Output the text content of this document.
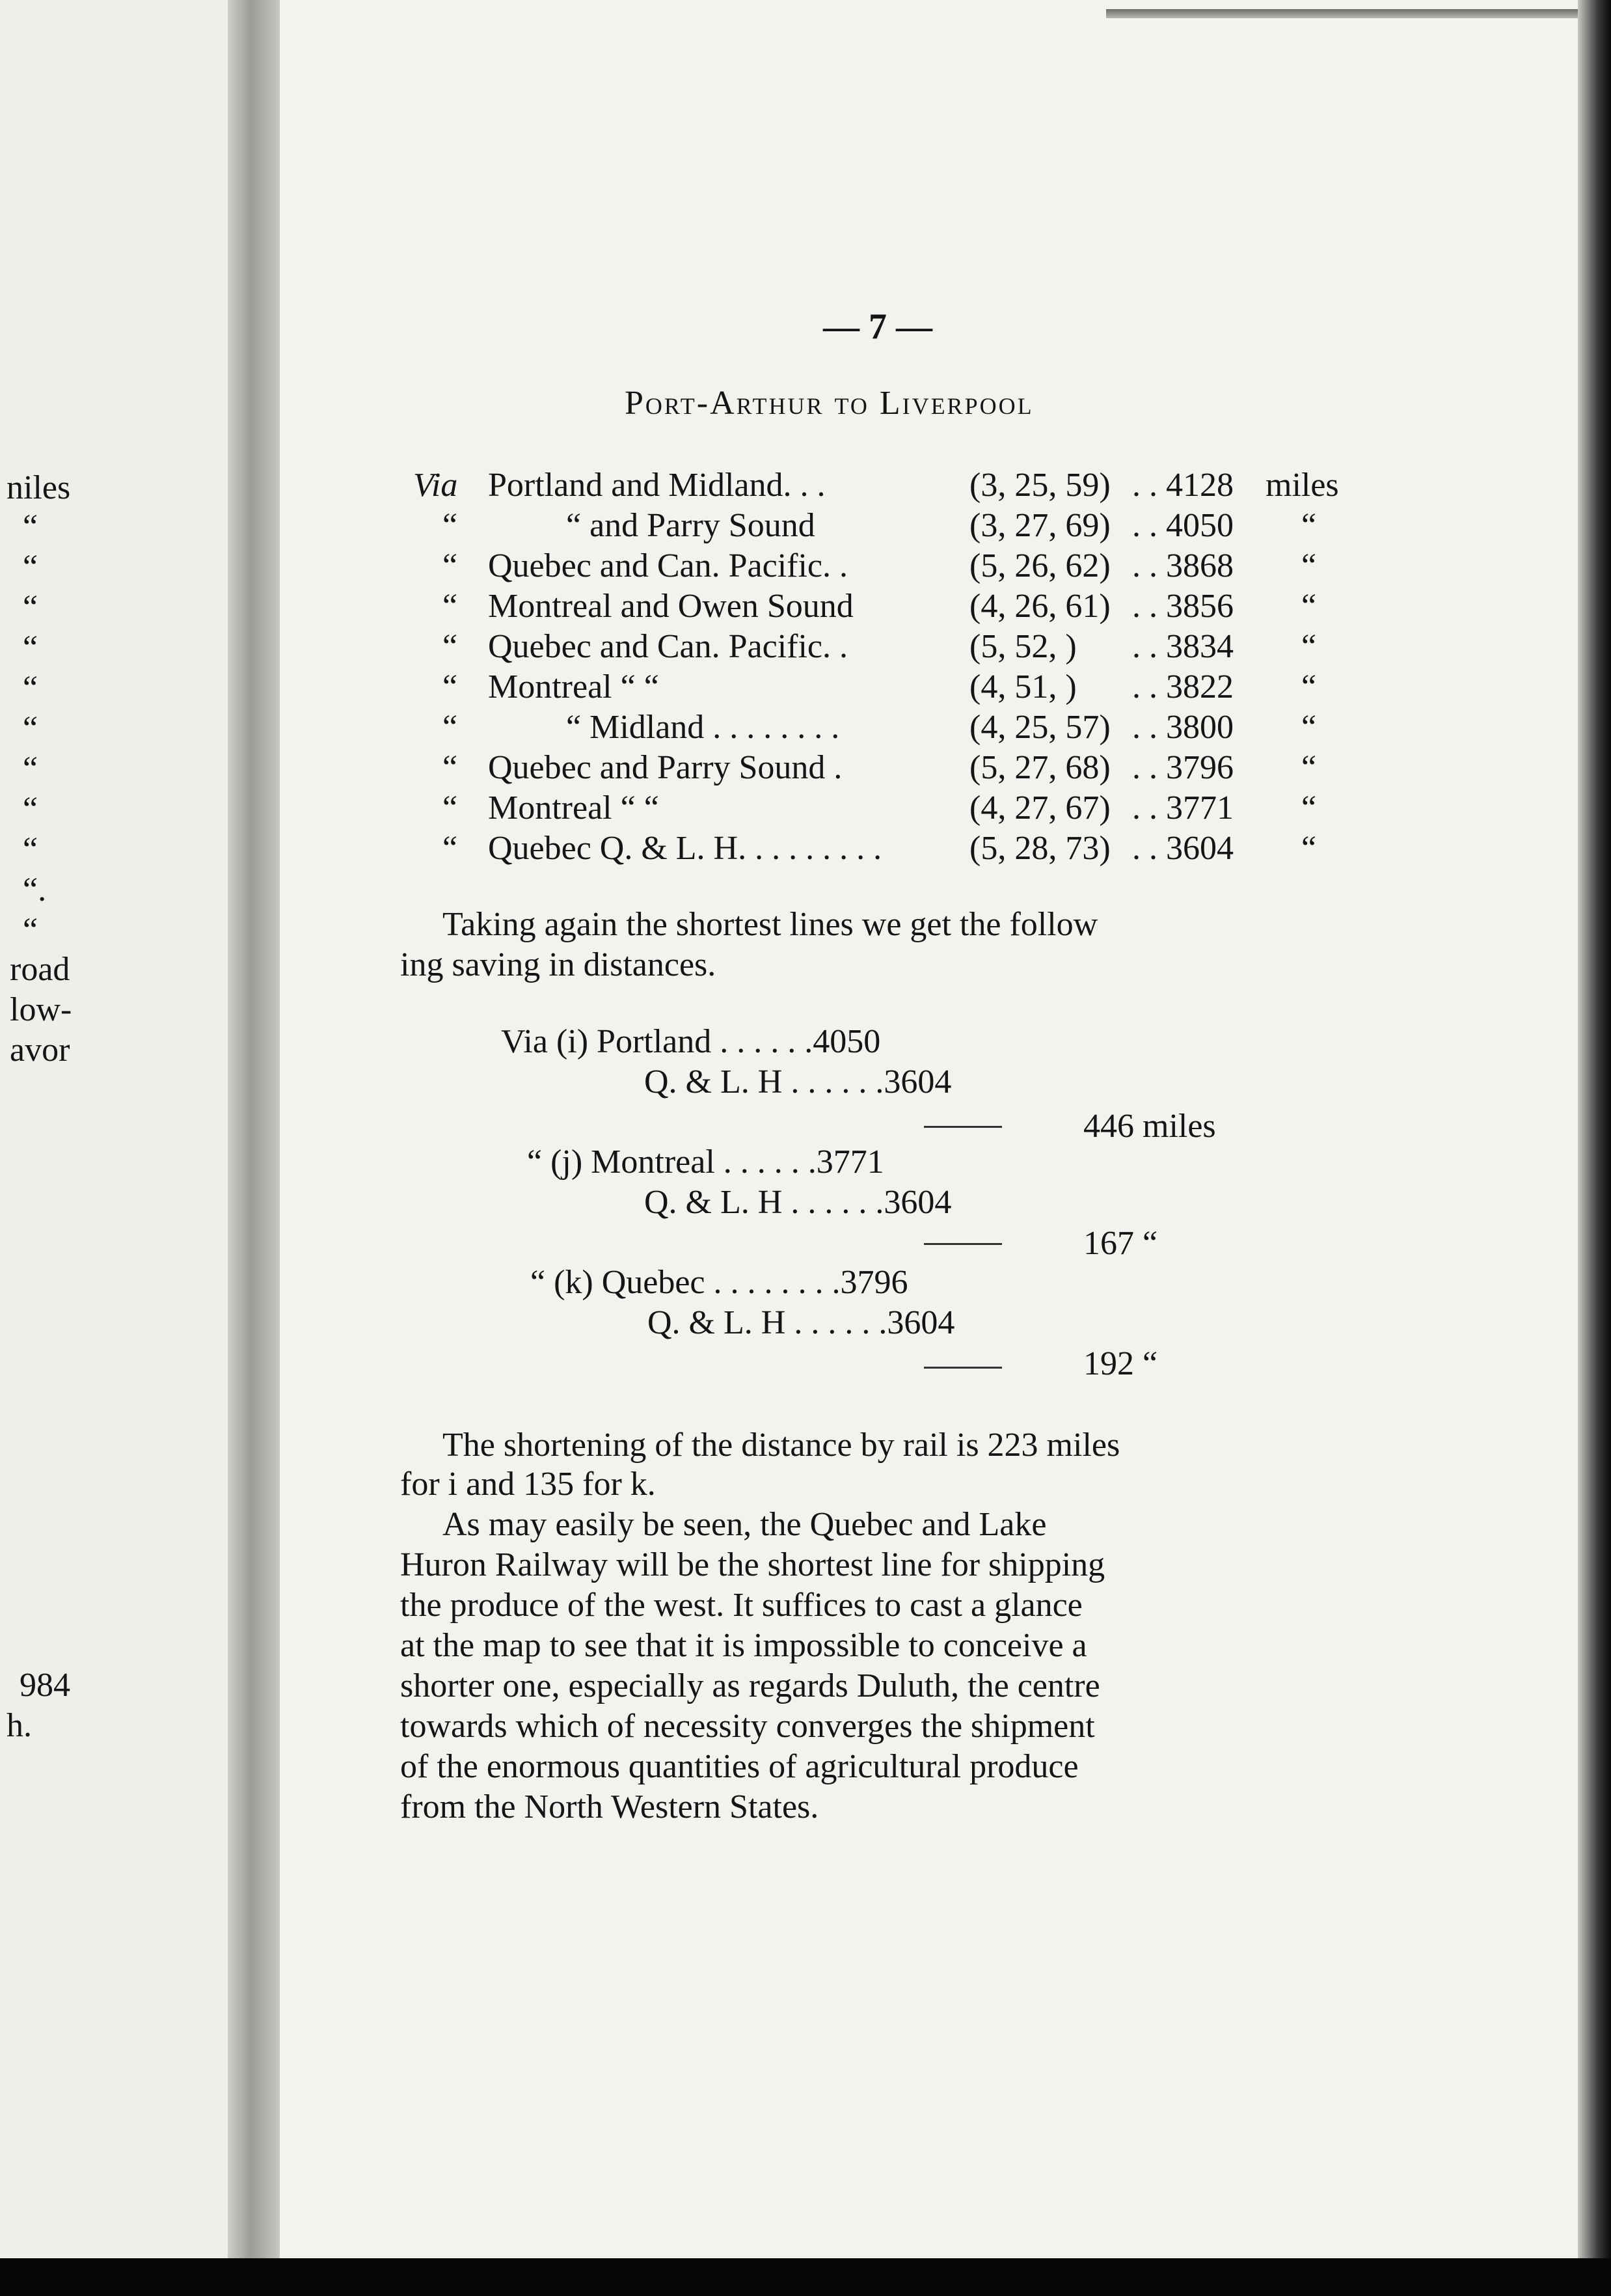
niles
“
“
“
“
“
“
“
“
“
“.
“
road
low-
avor
984
h.
— 7 —
Port-Arthur to Liverpool
Via Portland and Midland. . .	(3, 25, 59) . . 4128 miles
“	“ and Parry Sound	(3, 27, 69) . . 4050 “
“ Quebec and Can. Pacific. .	(5, 26, 62) . . 3868 “
“ Montreal and Owen Sound	(4, 26, 61) . . 3856 “
“ Quebec and Can. Pacific. .	(5, 52, ) . . 3834 “
“ Montreal “ “	(4, 51, ) . . 3822 “
“	“ Midland . . . . . . . .	(4, 25, 57) . . 3800 “
“ Quebec and Parry Sound .	(5, 27, 68) . . 3796 “
“ Montreal “ “	(4, 27, 67) . . 3771 “
“ Quebec Q. & L. H. . . . . . . . .	(5, 28, 73) . . 3604 “
Taking again the shortest lines we get the follow
ing saving in distances.
Via (i) Portland . . . . . .4050
Q. & L. H . . . . . .3604
446 miles
“ (j) Montreal . . . . . .3771
Q. & L. H . . . . . .3604
167 “
“ (k) Quebec . . . . . . . .3796
Q. & L. H . . . . . .3604
192 “
The shortening of the distance by rail is 223 miles
for i and 135 for k.
As may easily be seen, the Quebec and Lake
Huron Railway will be the shortest line for shipping
the produce of the west. It suffices to cast a glance
at the map to see that it is impossible to conceive a
shorter one, especially as regards Duluth, the centre
towards which of necessity converges the shipment
of the enormous quantities of agricultural produce
from the North Western States.
